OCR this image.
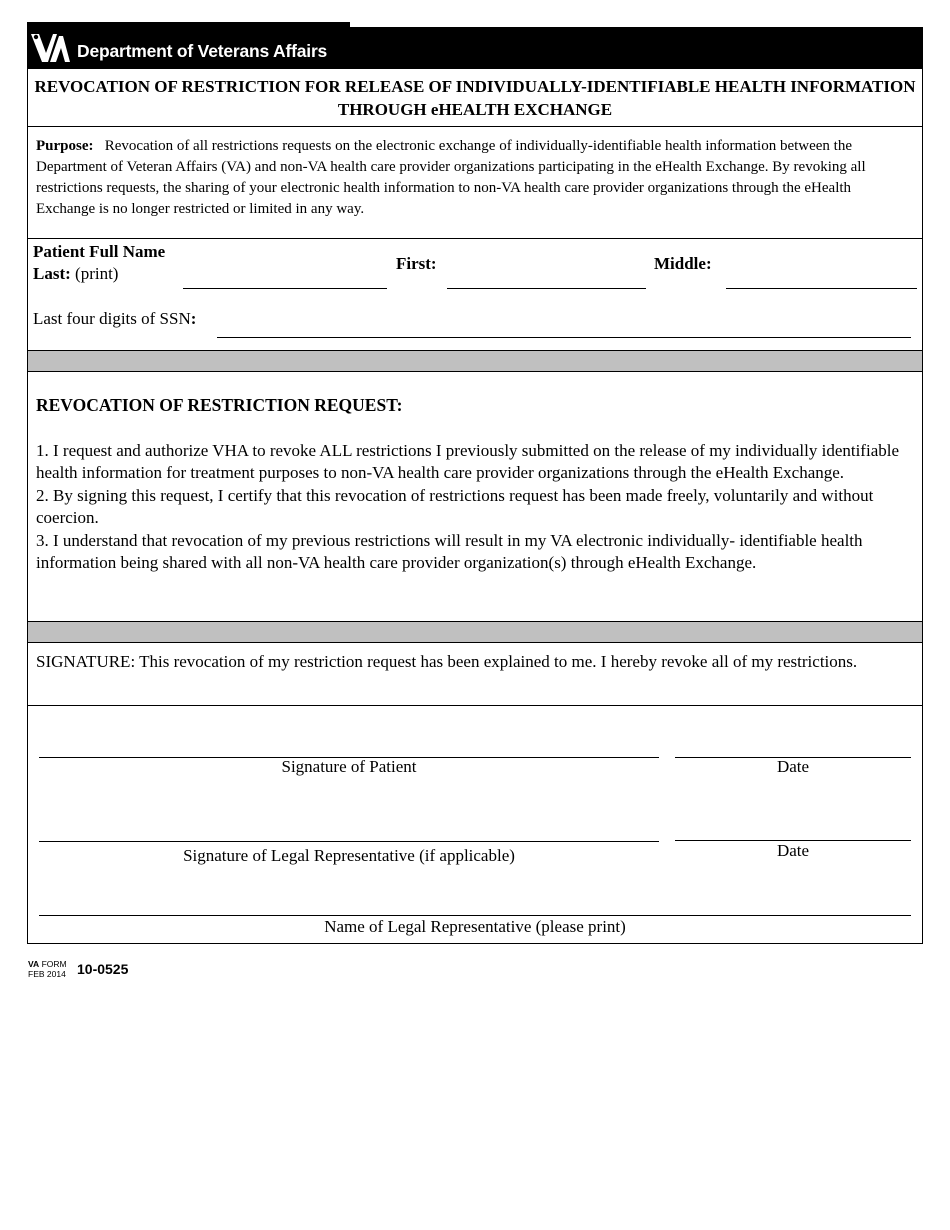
Department of Veterans Affairs
REVOCATION OF RESTRICTION FOR RELEASE OF INDIVIDUALLY-IDENTIFIABLE HEALTH INFORMATION THROUGH eHEALTH EXCHANGE
Purpose: Revocation of all restrictions requests on the electronic exchange of individually-identifiable health information between the Department of Veteran Affairs (VA) and non-VA health care provider organizations participating in the eHealth Exchange. By revoking all restrictions requests, the sharing of your electronic health information to non-VA health care provider organizations through the eHealth Exchange is no longer restricted or limited in any way.
Patient Full Name
Last: (print)
First:	Middle:
Last four digits of SSN:
REVOCATION OF RESTRICTION REQUEST:

1. I request and authorize VHA to revoke ALL restrictions I previously submitted on the release of my individually identifiable health information for treatment purposes to non-VA health care provider organizations through the eHealth Exchange.

2. By signing this request, I certify that this revocation of restrictions request has been made freely, voluntarily and without coercion.

3. I understand that revocation of my previous restrictions will result in my VA electronic individually- identifiable health information being shared with all non-VA health care provider organization(s) through eHealth Exchange.

SIGNATURE: This revocation of my restriction request has been explained to me. I hereby revoke all of my restrictions.
Signature of Patient	Date
Signature of Legal Representative (if applicable)	Date
Name of Legal Representative (please print)
VA FORM
FEB 2014 10-0525
